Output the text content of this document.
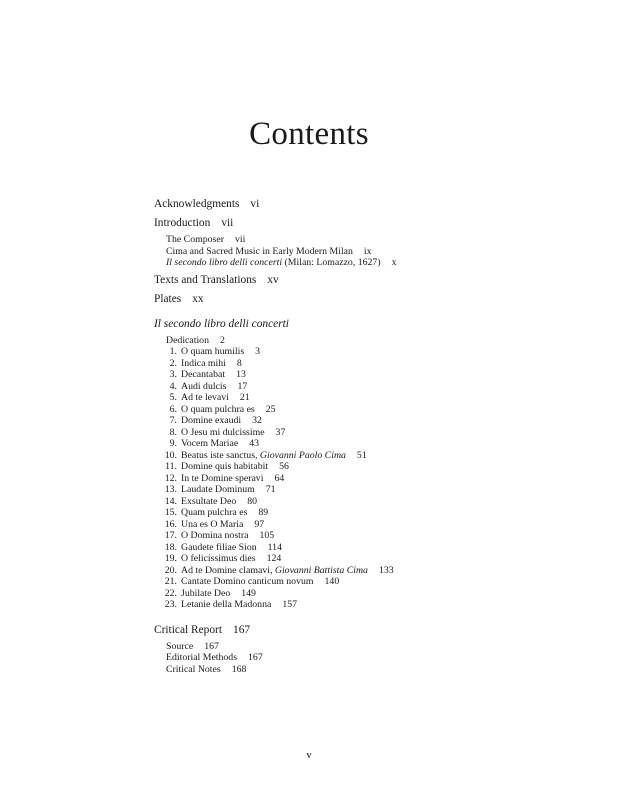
Contents
Acknowledgments vi
Introduction vii
The Composer vii
Cima and Sacred Music in Early Modern Milan ix
Il secondo libro delli concerti (Milan: Lomazzo, 1627) x
Texts and Translations xv
Plates xx
Il secondo libro delli concerti
Dedication 2
1. O quam humilis 3
2. Indica mihi 8
3. Decantabat 13
4. Audi dulcis 17
5. Ad te levavi 21
6. O quam pulchra es 25
7. Domine exaudi 32
8. O Jesu mi dulcissime 37
9. Vocem Mariae 43
10. Beatus iste sanctus, Giovanni Paolo Cima 51
11. Domine quis habitabit 56
12. In te Domine speravi 64
13. Laudate Dominum 71
14. Exsultate Deo 80
15. Quam pulchra es 89
16. Una es O Maria 97
17. O Domina nostra 105
18. Gaudete filiae Sion 114
19. O felicissimus dies 124
20. Ad te Domine clamavi, Giovanni Battista Cima 133
21. Cantate Domino canticum novum 140
22. Jubilate Deo 149
23. Letanie della Madonna 157
Critical Report 167
Source 167
Editorial Methods 167
Critical Notes 168
v
